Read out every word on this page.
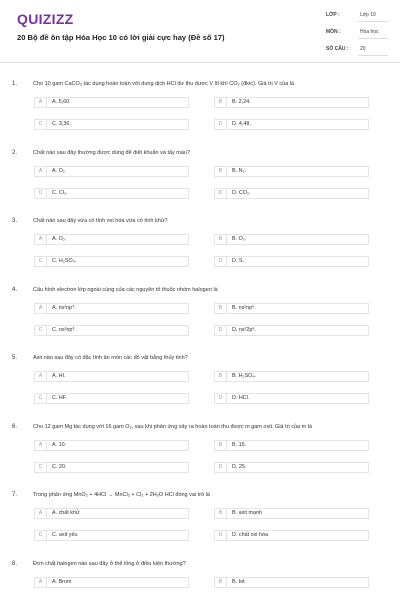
QUIZIZZ
20 Bộ đề ôn tập Hóa Học 10 có lời giải cực hay (Đề số 17)
LỚP :	Lớp 10
MÔN :	Hóa học
SỐ CÂU : 20
1.	Cho 10 gam CaCO₃ tác dụng hoàn toàn với dung dịch HCl dư thu được V lít khí CO₂ (đktc). Giá trị V của là
A	A. 5,60.	B	B. 2,24.
C	C. 3,36.	D	D. 4,48.
2.	Chất nào sau đây thường được dùng để diệt khuẩn và tẩy màu?
A	A. O₂	B	B. N₂.
C	C. Cl₂.	D	D. CO₂.
3.	Chất nào sau đây vừa có tính oxi hóa vừa có tính khử?
A	A. O₂.	B	B. O₃.
C	C. H₂SO₄.	D	D. S.
4.	Cấu hình electron lớp ngoài cùng của các nguyên tố thuộc nhóm halogen là
A	A. ns²np⁴.	B	B. ns²np⁵.
C	C. ns²np³.	D	D. ns²2p⁶.
5.	Axit nào sau đây có đặc tính ăn mòn các đồ vật bằng thủy tinh?
A	A. HI.	B	B. H₂SO₄.
C	C. HF.	D	D. HCl.
6.	Cho 12 gam Mg tác dụng với 16 gam O₂, sau khi phản ứng xảy ra hoàn toàn thu được m gam oxit. Giá trị của m là
A	A. 10.	B	B. 15.
C	C. 20.	D	D. 25.
7.	Trong phản ứng MnO₂ + 4HCl → MnCl₂ + Cl₂ + 2H₂O HCl đóng vai trò là
A	A. chất khử	B	B. axit mạnh
C	C. axit yếu	D	D. chất oxi hóa
8.	Đơn chất halogen nào sau đây ở thể lỏng ở điều kiện thường?
A	A. Brom	B	B. Iot
